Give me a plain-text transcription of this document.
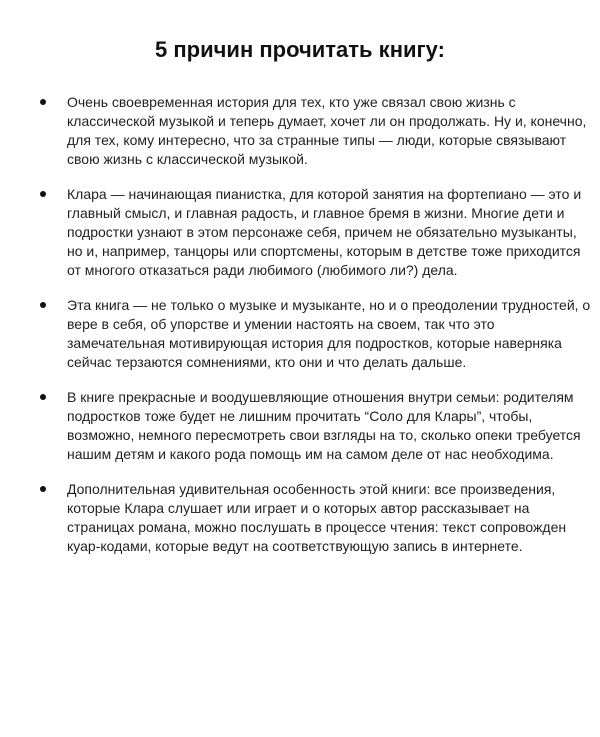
5 причин прочитать книгу:
Очень своевременная история для тех, кто уже связал свою жизнь с классической музыкой и теперь думает, хочет ли он продолжать. Ну и, конечно, для тех, кому интересно, что за странные типы — люди, которые связывают свою жизнь с классической музыкой.
Клара — начинающая пианистка, для которой занятия на фортепиано — это и главный смысл, и главная радость, и главное бремя в жизни. Многие дети и подростки узнают в этом персонаже себя, причем не обязательно музыканты, но и, например, танцоры или спортсмены, которым в детстве тоже приходится от многого отказаться ради любимого (любимого ли?) дела.
Эта книга — не только о музыке и музыканте, но и о преодолении трудностей, о вере в себя, об упорстве и умении настоять на своем, так что это замечательная мотивирующая история для подростков, которые наверняка сейчас терзаются сомнениями, кто они и что делать дальше.
В книге прекрасные и воодушевляющие отношения внутри семьи: родителям подростков тоже будет не лишним прочитать “Соло для Клары”, чтобы, возможно, немного пересмотреть свои взгляды на то, сколько опеки требуется нашим детям и какого рода помощь им на самом деле от нас необходима.
Дополнительная удивительная особенность этой книги: все произведения, которые Клара слушает или играет и о которых автор рассказывает на страницах романа, можно послушать в процессе чтения: текст сопровожден куар-кодами, которые ведут на соответствующую запись в интернете.
